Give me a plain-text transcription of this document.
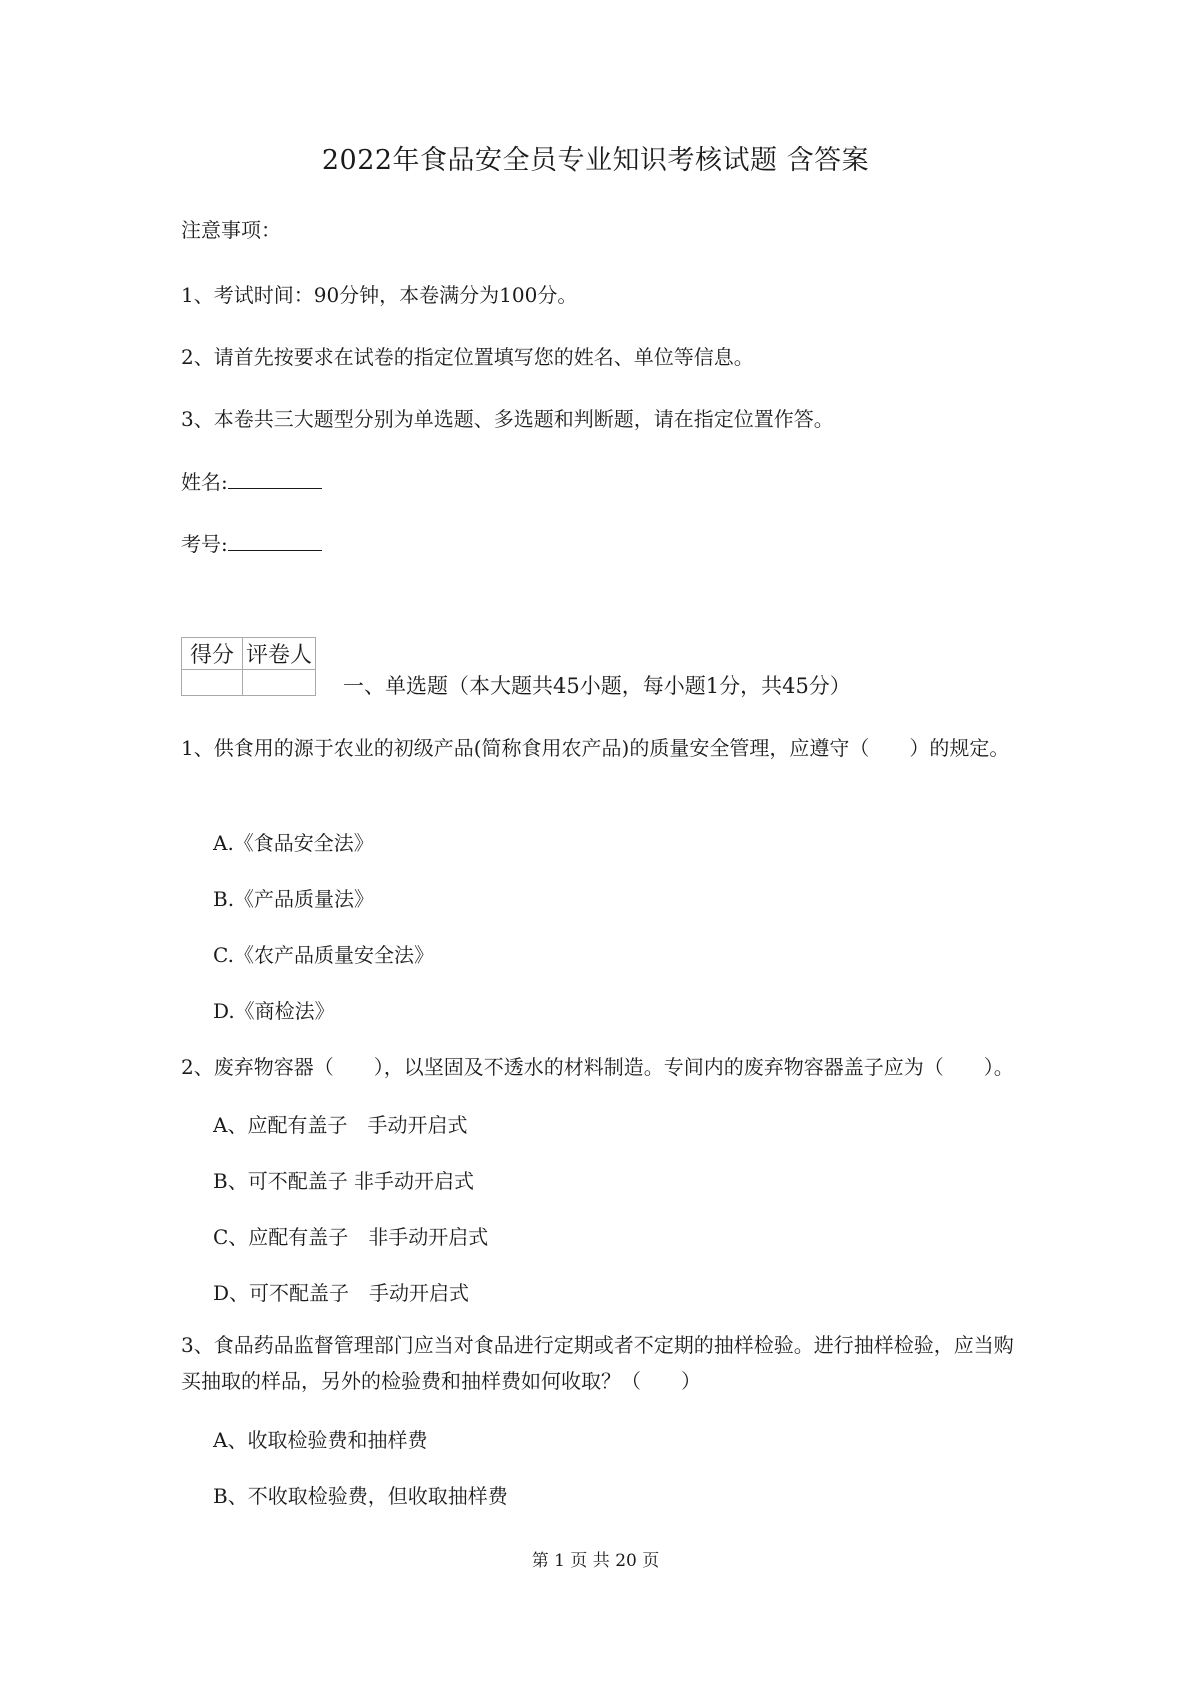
2022年食品安全员专业知识考核试题 含答案
注意事项：
1、考试时间：90分钟，本卷满分为100分。
2、请首先按要求在试卷的指定位置填写您的姓名、单位等信息。
3、本卷共三大题型分别为单选题、多选题和判断题，请在指定位置作答。
姓名:
考号:
得分	评卷人

一、单选题（本大题共45小题，每小题1分，共45分）
1、供食用的源于农业的初级产品(简称食用农产品)的质量安全管理，应遵守（　　）的规定。
A.《食品安全法》
B.《产品质量法》
C.《农产品质量安全法》
D.《商检法》
2、废弃物容器（　　），以坚固及不透水的材料制造。专间内的废弃物容器盖子应为（　　）。
A、应配有盖子　手动开启式
B、可不配盖子 非手动开启式
C、应配有盖子　非手动开启式
D、可不配盖子　手动开启式
3、食品药品监督管理部门应当对食品进行定期或者不定期的抽样检验。进行抽样检验，应当购买抽取的样品，另外的检验费和抽样费如何收取？（　　）
A、收取检验费和抽样费
B、不收取检验费，但收取抽样费
第 1 页 共 20 页
